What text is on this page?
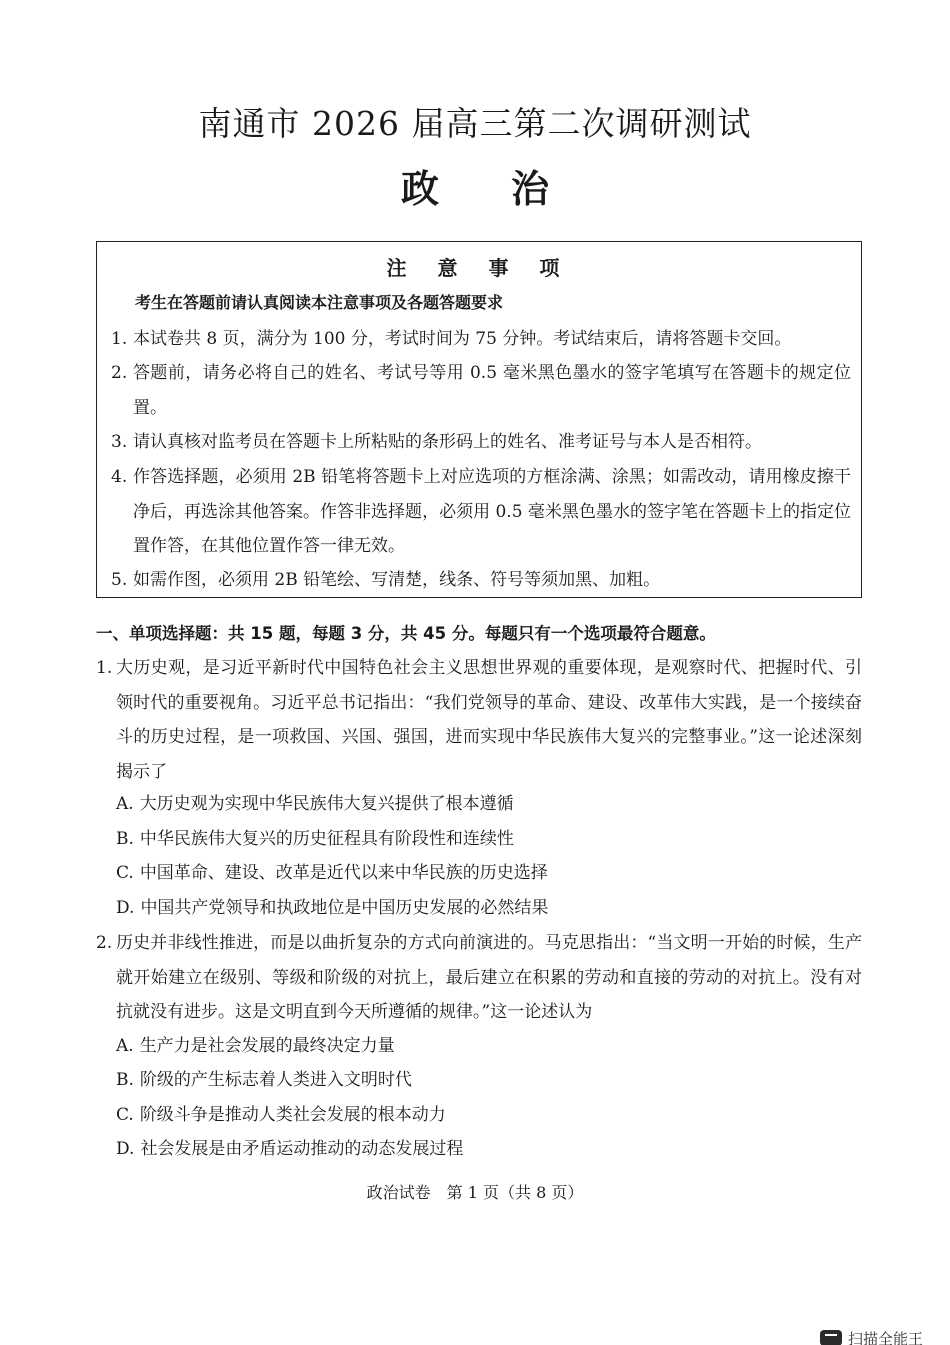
南通市 2026 届高三第二次调研测试
政 治
注 意 事 项
考生在答题前请认真阅读本注意事项及各题答题要求
1. 本试卷共 8 页，满分为 100 分，考试时间为 75 分钟。考试结束后，请将答题卡交回。
2. 答题前，请务必将自己的姓名、考试号等用 0.5 毫米黑色墨水的签字笔填写在答题卡的规定位置。
3. 请认真核对监考员在答题卡上所粘贴的条形码上的姓名、准考证号与本人是否相符。
4. 作答选择题，必须用 2B 铅笔将答题卡上对应选项的方框涂满、涂黑；如需改动，请用橡皮擦干净后，再选涂其他答案。作答非选择题，必须用 0.5 毫米黑色墨水的签字笔在答题卡上的指定位置作答，在其他位置作答一律无效。
5. 如需作图，必须用 2B 铅笔绘、写清楚，线条、符号等须加黑、加粗。
一、单项选择题：共 15 题，每题 3 分，共 45 分。每题只有一个选项最符合题意。
1. 大历史观，是习近平新时代中国特色社会主义思想世界观的重要体现，是观察时代、把握时代、引领时代的重要视角。习近平总书记指出：“我们党领导的革命、建设、改革伟大实践，是一个接续奋斗的历史过程，是一项救国、兴国、强国，进而实现中华民族伟大复兴的完整事业。”这一论述深刻揭示了
A. 大历史观为实现中华民族伟大复兴提供了根本遵循
B. 中华民族伟大复兴的历史征程具有阶段性和连续性
C. 中国革命、建设、改革是近代以来中华民族的历史选择
D. 中国共产党领导和执政地位是中国历史发展的必然结果
2. 历史并非线性推进，而是以曲折复杂的方式向前演进的。马克思指出：“当文明一开始的时候，生产就开始建立在级别、等级和阶级的对抗上，最后建立在积累的劳动和直接的劳动的对抗上。没有对抗就没有进步。这是文明直到今天所遵循的规律。”这一论述认为
A. 生产力是社会发展的最终决定力量
B. 阶级的产生标志着人类进入文明时代
C. 阶级斗争是推动人类社会发展的根本动力
D. 社会发展是由矛盾运动推动的动态发展过程
政治试卷　第 1 页（共 8 页）
扫描全能王
